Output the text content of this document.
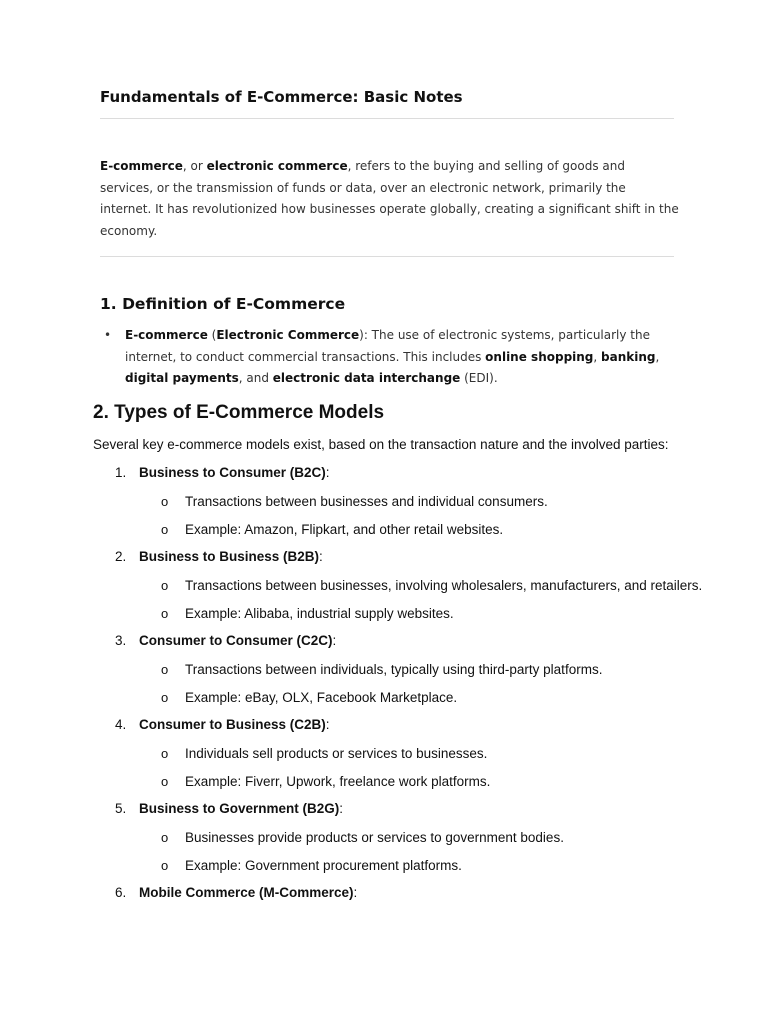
Fundamentals of E-Commerce: Basic Notes

E-commerce, or electronic commerce, refers to the buying and selling of goods and services, or the transmission of funds or data, over an electronic network, primarily the internet. It has revolutionized how businesses operate globally, creating a significant shift in the economy.

1. Definition of E-Commerce
• E-commerce (Electronic Commerce): The use of electronic systems, particularly the internet, to conduct commercial transactions. This includes online shopping, banking, digital payments, and electronic data interchange (EDI).
2. Types of E-Commerce Models
Several key e-commerce models exist, based on the transaction nature and the involved parties:
1. Business to Consumer (B2C):
o Transactions between businesses and individual consumers.
o Example: Amazon, Flipkart, and other retail websites.
2. Business to Business (B2B):
o Transactions between businesses, involving wholesalers, manufacturers, and retailers.
o Example: Alibaba, industrial supply websites.
3. Consumer to Consumer (C2C):
o Transactions between individuals, typically using third-party platforms.
o Example: eBay, OLX, Facebook Marketplace.
4. Consumer to Business (C2B):
o Individuals sell products or services to businesses.
o Example: Fiverr, Upwork, freelance work platforms.
5. Business to Government (B2G):
o Businesses provide products or services to government bodies.
o Example: Government procurement platforms.
6. Mobile Commerce (M-Commerce):
